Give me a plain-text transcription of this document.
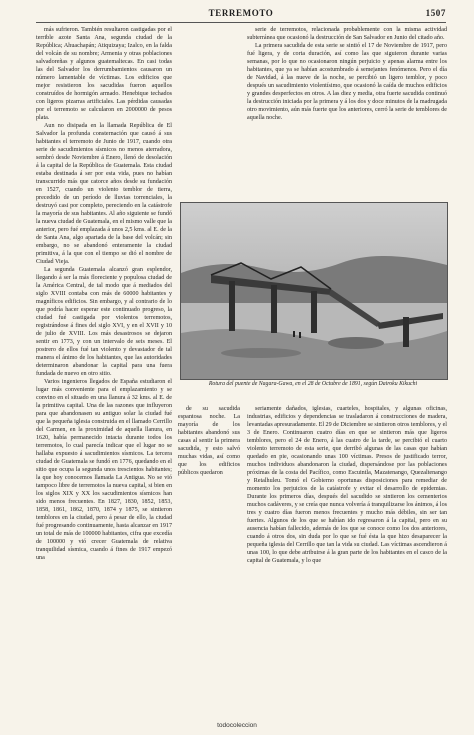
TERREMOTO	1507

más sufrieron. También resultaron castigadas por el terrible azote Santa Ana, segunda ciudad de la República; Ahuachapán; Atiquizaya; Izalco, en la falda del volcán de su nombre; Armenia y otras poblaciones salvadoreñas y algunos guatemaltecas. En casi todas las del Salvador los derrumbamientos causaron un número lamentable de víctimas. Los edificios que mejor resistieron los sacudidas fueron aquellos construídos de hormigón armado. Henebique techados con ligeros pizarras artificiales. Las pérdidas causadas por el terremoto se calcularon en 2000000 de pesos plata.

Aun no disipada en la llamada República de El Salvador la profunda consternación que causó á sus habitantes el terremoto de Junio de 1917, cuando otra serie de sacudimientos sísmicos no menos aterradora, sembró desde Noviembre á Enero, llenó de desolación á la capital de la República de Guatemala. Esta ciudad estaba destinada á ser por esta vida, pues no habían transcurrido más que catorce años desde su fundación en 1527, cuando un violento temblor de tierra, precedido de un período de lluvias torrenciales, la destruyó casi por completo, pereciendo en la catástrofe la mayoría de sus habitantes. Al año siguiente se fundó la nueva ciudad de Guatemala, en el mismo valle que la anterior, pero fué emplazada á unos 2,5 kms. al E. de la de Santa Ana, algo apartada de la base del volcán; sin embargo, no se abandonó enteramente la ciudad primitiva, á la que con el tiempo se dió el nombre de Ciudad Vieja.

La segunda Guatemala alcanzó gran esplendor, llegando á ser la más floreciente y populosa ciudad de la América Central, de tal modo que á mediados del siglo XVIII contaba con más de 60000 habitantes y magníficos edificios. Sin embargo, y al contrario de lo que podría hacer esperar este continuado progreso, la ciudad fué castigada por violentos terremotos, registrándose á fines del siglo XVI, y en el XVII y 10 de julio de XVIII. Los más desastrosos se dejaron sentir en 1773, y con un intervalo de seis meses. El postrero de ellos fué tan violento y devastador de tal manera el ánimo de los habitantes, que las autoridades determinaron abandonar la capital para una fuera fundada de nuevo en otro sitio.

Varios ingenieros llegados de España estudiaron el lugar más conveniente para el emplazamiento y se convino en el situado en una llanura á 32 kms. al E. de la primitiva capital. Una de las razones que influyeron para que abandonasen su antiguo solar la ciudad fué que la pequeña iglesia construida en el llamado Cerrillo del Carmen, en la proximidad de aquella llanura, en 1620, había permanecido intacta durante todos los terremotos, lo cual parecía indicar que el lugar no se hallaba expuesto á sacudimientos sísmicos. La tercera ciudad de Guatemala se fundó en 1776, quedando en el sitio que ocupa la segunda unos trescientos habitantes; la que hoy conocemos llamada La Antigua. No se vió tampoco libre de terremotos la nueva capital, si bien en los siglos XIX y XX los sacudimientos sísmicos han sido menos frecuentes. En 1827, 1830, 1852, 1853, 1858, 1861, 1862, 1870, 1874 y 1875, se sintieron temblores en la ciudad, pero á pesar de ello, la ciudad fué progresando continuamente, hasta alcanzar en 1917 un total de más de 100000 habitantes, cifra que excedía de 100000 y vió crecer Guatemala de relativa tranquilidad sísmica, cuando á fines de 1917 empezó una

serie de terremotos, relacionada probablemente con la misma actividad subterránea que ocasionó la destrucción de San Salvador en Junio del citado año.

La primera sacudida de esta serie se sintió el 17 de Noviembre de 1917, pero fué ligera, y de corta duración, así como las que siguieron durante varias semanas, por lo que no ocasionaron ningún perjuicio y apenas alarma entre los habitantes, que ya se habían acostumbrado á semejantes fenómenos. Pero el día de Navidad, á las nueve de la noche, se percibió un ligero temblor, y poco después un sacudimiento violentísimo, que ocasionó la caída de muchos edificios y grandes desperfectos en otros. A las diez y media, otra fuerte sacudida continuó la destrucción iniciada por la primera y á los dos y doce minutos de la madrugada otro movimiento, aún más fuerte que los anteriores, cerró la serie de temblores de aquella noche.

Rotura del puente de Nagara-Gawa, en el 28 de Octubre de 1891, según Dairoku Kikuchi

de su sacudida espantosa noche. La mayoría de los habitantes abandonó sus casas al sentir la primera sacudida, y esto salvó muchas vidas, así como que los edificios públicos quedaron

seriamente dañados, iglesias, cuarteles, hospitales, y algunas oficinas, industrias, edificios y dependencias se trasladaron á construcciones de madera, levantadas apresuradamente. El 29 de Diciembre se sintieron otros temblores, y el 3 de Enero. Continuaron cuatro días en que se sintieron más que ligeros temblores, pero el 24 de Enero, á las cuatro de la tarde, se percibió el cuarto violento terremoto de esta serie, que derribó algunas de las casas que habían quedado en pie, ocasionando unas 100 víctimas. Presos de justificado terror, muchos individuos abandonaron la ciudad, dispersándose por las poblaciones próximas de la costa del Pacífico, como Escuintla, Mazatenango, Quezaltenango y Retalhuleu. Tomó el Gobierno oportunas disposiciones para remediar de momento los perjuicios de la catástrofe y evitar el desarrollo de epidemias. Durante los primeros días, después del sacudido se sintieron los cementerios muchos cadáveres, y se creía que nunca volvería á tranquilizarse los ánimos, á los tres y cuatro días fueron menos frecuentes y mucho más débiles, sin ser tan fuertes. Algunos de los que se habían ido regresaron á la capital, pero en su ausencia habían fallecido, además de los que se conoce como los dos anteriores, cuando á otros dos, sin duda por lo que se fué ésta la que hizo desaparecer la pequeña iglesia del Cerrillo que tan la vida su ciudad. Las víctimas ascendieron á unas 100, lo que debe atribuirse á la gran parte de los habitantes en el casco de la capital de Guatemala, y lo que

todocoleccion
